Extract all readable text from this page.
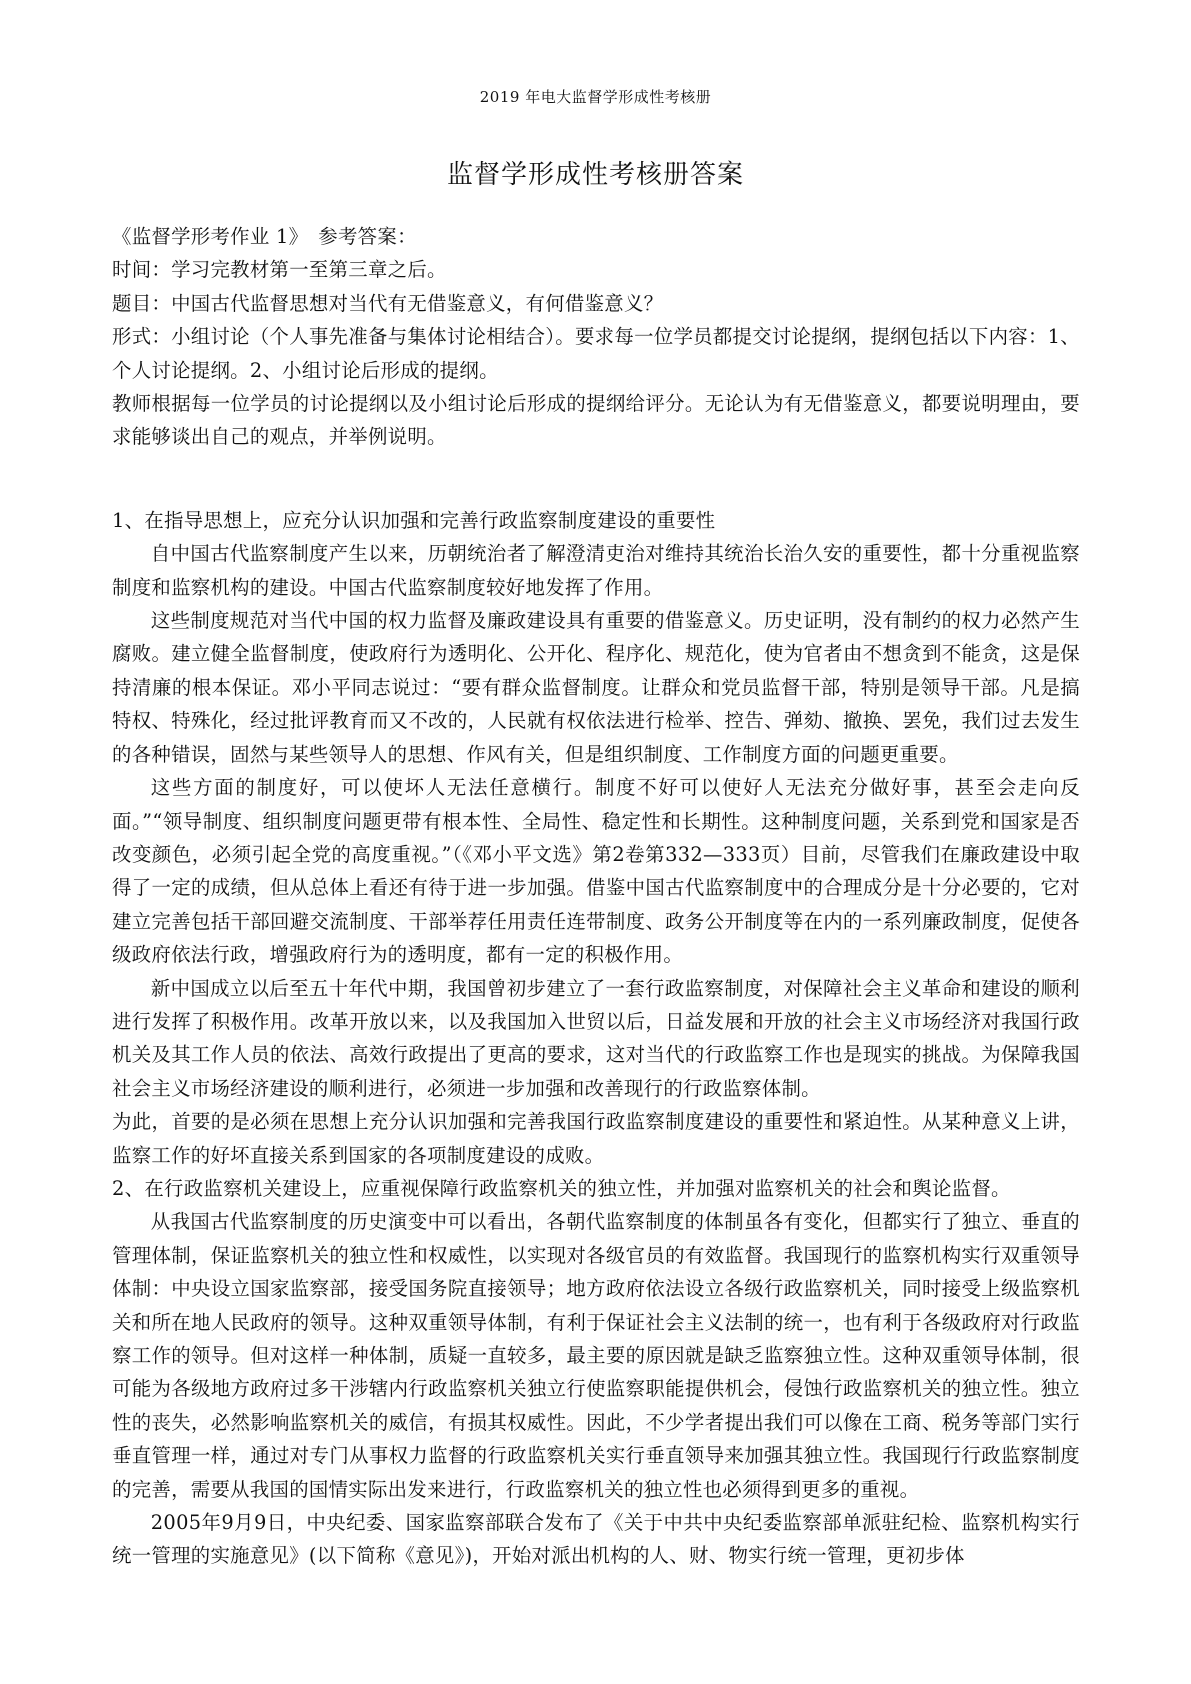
2019 年电大监督学形成性考核册
监督学形成性考核册答案

《监督学形考作业 1》　参考答案：

时间：学习完教材第一至第三章之后。

题目：中国古代监督思想对当代有无借鉴意义，有何借鉴意义？

形式：小组讨论（个人事先准备与集体讨论相结合）。要求每一位学员都提交讨论提纲，提纲包括以下内容：1、个人讨论提纲。2、小组讨论后形成的提纲。

教师根据每一位学员的讨论提纲以及小组讨论后形成的提纲给评分。无论认为有无借鉴意义，都要说明理由，要求能够谈出自己的观点，并举例说明。

1、在指导思想上，应充分认识加强和完善行政监察制度建设的重要性

自中国古代监察制度产生以来，历朝统治者了解澄清吏治对维持其统治长治久安的重要性，都十分重视监察制度和监察机构的建设。中国古代监察制度较好地发挥了作用。

这些制度规范对当代中国的权力监督及廉政建设具有重要的借鉴意义。历史证明，没有制约的权力必然产生腐败。建立健全监督制度，使政府行为透明化、公开化、程序化、规范化，使为官者由不想贪到不能贪，这是保持清廉的根本保证。邓小平同志说过：“要有群众监督制度。让群众和党员监督干部，特别是领导干部。凡是搞特权、特殊化，经过批评教育而又不改的，人民就有权依法进行检举、控告、弹劾、撤换、罢免，我们过去发生的各种错误，固然与某些领导人的思想、作风有关，但是组织制度、工作制度方面的问题更重要。

这些方面的制度好，可以使坏人无法任意横行。制度不好可以使好人无法充分做好事，甚至会走向反面。”“领导制度、组织制度问题更带有根本性、全局性、稳定性和长期性。这种制度问题，关系到党和国家是否改变颜色，必须引起全党的高度重视。”（《邓小平文选》第2卷第332—333页）目前，尽管我们在廉政建设中取得了一定的成绩，但从总体上看还有待于进一步加强。借鉴中国古代监察制度中的合理成分是十分必要的，它对建立完善包括干部回避交流制度、干部举荐任用责任连带制度、政务公开制度等在内的一系列廉政制度，促使各级政府依法行政，增强政府行为的透明度，都有一定的积极作用。

新中国成立以后至五十年代中期，我国曾初步建立了一套行政监察制度，对保障社会主义革命和建设的顺利进行发挥了积极作用。改革开放以来，以及我国加入世贸以后，日益发展和开放的社会主义市场经济对我国行政机关及其工作人员的依法、高效行政提出了更高的要求，这对当代的行政监察工作也是现实的挑战。为保障我国社会主义市场经济建设的顺利进行，必须进一步加强和改善现行的行政监察体制。

为此，首要的是必须在思想上充分认识加强和完善我国行政监察制度建设的重要性和紧迫性。从某种意义上讲，监察工作的好坏直接关系到国家的各项制度建设的成败。

2、在行政监察机关建设上，应重视保障行政监察机关的独立性，并加强对监察机关的社会和舆论监督。

从我国古代监察制度的历史演变中可以看出，各朝代监察制度的体制虽各有变化，但都实行了独立、垂直的管理体制，保证监察机关的独立性和权威性，以实现对各级官员的有效监督。我国现行的监察机构实行双重领导体制：中央设立国家监察部，接受国务院直接领导；地方政府依法设立各级行政监察机关，同时接受上级监察机关和所在地人民政府的领导。这种双重领导体制，有利于保证社会主义法制的统一，也有利于各级政府对行政监察工作的领导。但对这样一种体制，质疑一直较多，最主要的原因就是缺乏监察独立性。这种双重领导体制，很可能为各级地方政府过多干涉辖内行政监察机关独立行使监察职能提供机会，侵蚀行政监察机关的独立性。独立性的丧失，必然影响监察机关的威信，有损其权威性。因此，不少学者提出我们可以像在工商、税务等部门实行垂直管理一样，通过对专门从事权力监督的行政监察机关实行垂直领导来加强其独立性。我国现行行政监察制度的完善，需要从我国的国情实际出发来进行，行政监察机关的独立性也必须得到更多的重视。

2005年9月9日，中央纪委、国家监察部联合发布了《关于中共中央纪委监察部单派驻纪检、监察机构实行统一管理的实施意见》(以下简称《意见》)，开始对派出机构的人、财、物实行统一管理，更初步体
